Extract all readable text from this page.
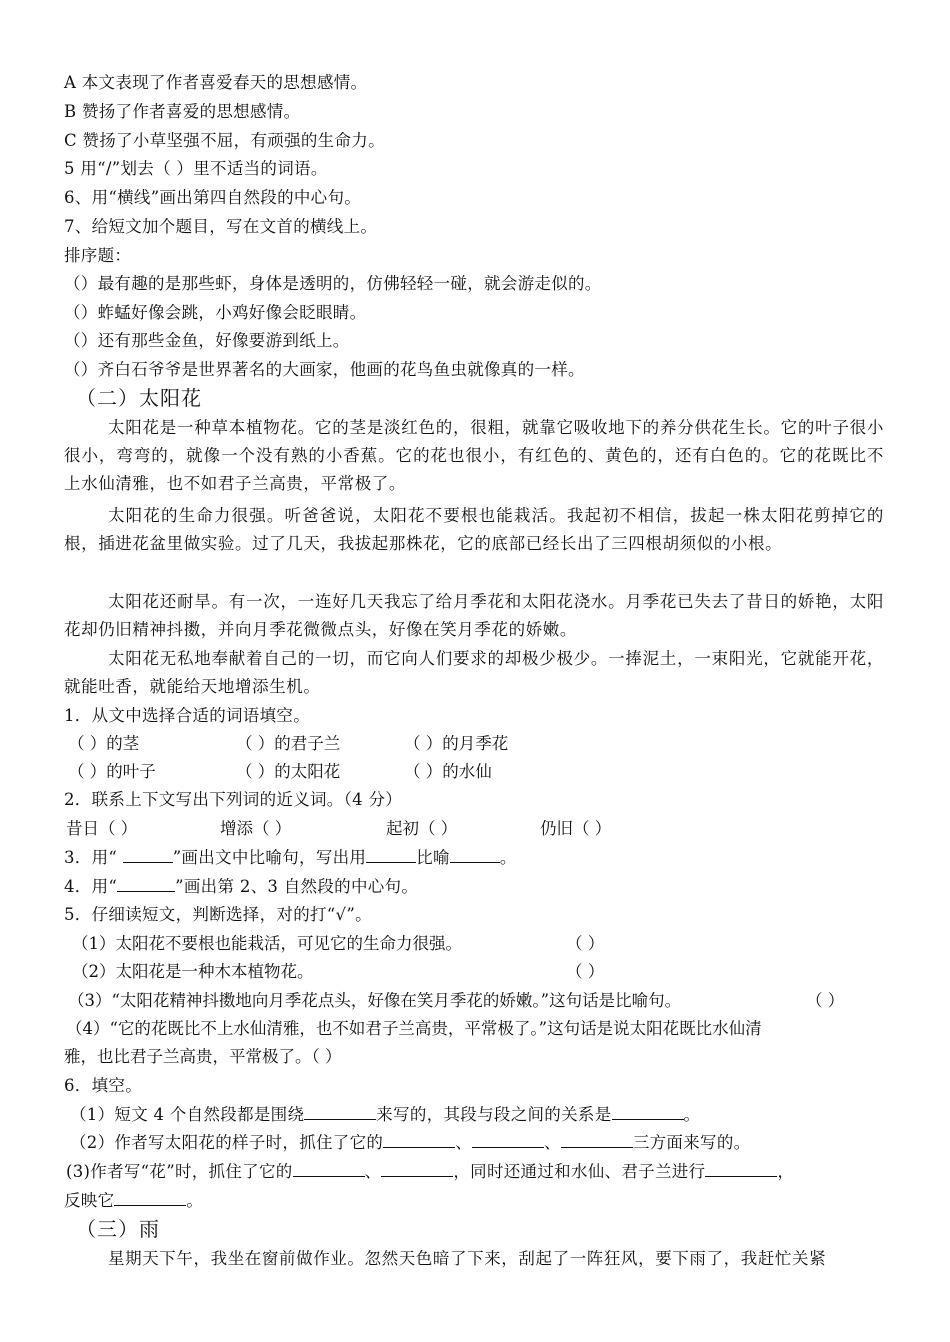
A 本文表现了作者喜爱春天的思想感情。
B 赞扬了作者喜爱的思想感情。
C 赞扬了小草坚强不屈，有顽强的生命力。
5 用“/”划去（ ）里不适当的词语。
6、用“横线”画出第四自然段的中心句。
7、给短文加个题目，写在文首的横线上。
排序题：
（）最有趣的是那些虾，身体是透明的，仿佛轻轻一碰，就会游走似的。
（）蚱蜢好像会跳，小鸡好像会眨眼睛。
（）还有那些金鱼，好像要游到纸上。
（）齐白石爷爷是世界著名的大画家，他画的花鸟鱼虫就像真的一样。
（二）太阳花
太阳花是一种草本植物花。它的茎是淡红色的，很粗，就靠它吸收地下的养分供花生长。它的叶子很小很小，弯弯的，就像一个没有熟的小香蕉。它的花也很小，有红色的、黄色的，还有白色的。它的花既比不上水仙清雅，也不如君子兰高贵，平常极了。
太阳花的生命力很强。听爸爸说，太阳花不要根也能栽活。我起初不相信，拔起一株太阳花剪掉它的根，插进花盆里做实验。过了几天，我拔起那株花，它的底部已经长出了三四根胡须似的小根。
太阳花还耐旱。有一次，一连好几天我忘了给月季花和太阳花浇水。月季花已失去了昔日的娇艳，太阳花却仍旧精神抖擞，并向月季花微微点头，好像在笑月季花的娇嫩。
太阳花无私地奉献着自己的一切，而它向人们要求的却极少极少。一捧泥土，一束阳光，它就能开花，就能吐香，就能给天地增添生机。
1．从文中选择合适的词语填空。
（ ）的茎	（ ）的君子兰	（ ）的月季花
（ ）的叶子	（ ）的太阳花	（ ）的水仙
2．联系上下文写出下列词的近义词。（4 分）
昔日（ ）	增添（ ）	起初（ ）	仍旧（ ）
3．用“	”画出文中比喻句，写出用	比喻	。
4．用“	”画出第 2、3 自然段的中心句。
5．仔细读短文，判断选择，对的打“√”。
（1）太阳花不要根也能栽活，可见它的生命力很强。	（ ）
（2）太阳花是一种木本植物花。	（ ）
（3）“太阳花精神抖擞地向月季花点头，好像在笑月季花的娇嫩。”这句话是比喻句。	（ ）
（4）“它的花既比不上水仙清雅，也不如君子兰高贵，平常极了。”这句话是说太阳花既比水仙清
雅，也比君子兰高贵，平常极了。（ ）
6．填空。
（1）短文 4 个自然段都是围绕	来写的，其段与段之间的关系是	。
（2）作者写太阳花的样子时，抓住了它的	、	、	三方面来写的。
(3)作者写“花”时，抓住了它的	、	，同时还通过和水仙、君子兰进行	，
反映它	。
（三）雨
星期天下午，我坐在窗前做作业。忽然天色暗了下来，刮起了一阵狂风，要下雨了，我赶忙关紧
